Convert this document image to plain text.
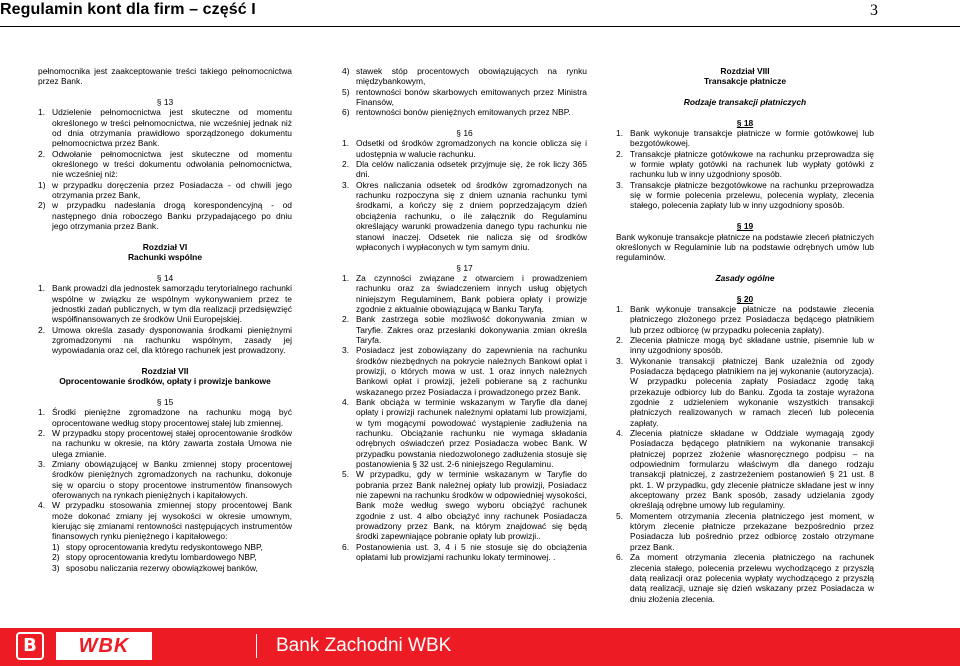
Regulamin kont dla firm – część I	3

pełnomocnika jest zaakceptowanie treści takiego pełnomocnictwa przez Bank.

§ 13

1. Udzielenie pełnomocnictwa jest skuteczne od momentu określonego w treści pełnomocnictwa, nie wcześniej jednak niż od dnia otrzymania prawidłowo sporządzonego dokumentu pełnomocnictwa przez Bank.
2. Odwołanie pełnomocnictwa jest skuteczne od momentu określonego w treści dokumentu odwołania pełnomocnictwa, nie wcześniej niż:
1) w przypadku doręczenia przez Posiadacza - od chwili jego otrzymania przez Bank,
2) w przypadku nadesłania drogą korespondencyjną - od następnego dnia roboczego Banku przypadającego po dniu jego otrzymania przez Bank.

Rozdział VI

Rachunki wspólne

§ 14

1. Bank prowadzi dla jednostek samorządu terytorialnego rachunki wspólne w związku ze wspólnym wykonywaniem przez te jednostki zadań publicznych, w tym dla realizacji przedsięwzięć współfinansowanych ze środków Unii Europejskiej.
2. Umowa określa zasady dysponowania środkami pieniężnymi zgromadzonymi na rachunku wspólnym, zasady jej wypowiadania oraz cel, dla którego rachunek jest prowadzony.

Rozdział VII

Oprocentowanie środków, opłaty i prowizje bankowe

§ 15

1. Środki pieniężne zgromadzone na rachunku mogą być oprocentowane według stopy procentowej stałej lub zmiennej.
2. W przypadku stopy procentowej stałej oprocentowanie środków na rachunku w okresie, na który zawarta została Umowa nie ulega zmianie.
3. Zmiany obowiązującej w Banku zmiennej stopy procentowej środków pieniężnych zgromadzonych na rachunku, dokonuje się w oparciu o stopy procentowe instrumentów finansowych oferowanych na rynkach pieniężnych i kapitałowych.
4. W przypadku stosowania zmiennej stopy procentowej Bank może dokonać zmiany jej wysokości w okresie umownym, kierując się zmianami rentowności następujących instrumentów finansowych rynku pieniężnego i kapitałowego:
1) stopy oprocentowania kredytu redyskontowego NBP,
2) stopy oprocentowania kredytu lombardowego NBP,
3) sposobu naliczania rezerwy obowiązkowej banków,
4) stawek stóp procentowych obowiązujących na rynku międzybankowym,
5) rentowności bonów skarbowych emitowanych przez Ministra Finansów,
6) rentowności bonów pieniężnych emitowanych przez NBP.

§ 16

1. Odsetki od środków zgromadzonych na koncie oblicza się i udostępnia w walucie rachunku.
2. Dla celów naliczania odsetek przyjmuje się, że rok liczy 365 dni.
3. Okres naliczania odsetek od środków zgromadzonych na rachunku rozpoczyna się z dniem uznania rachunku tymi środkami, a kończy się z dniem poprzedzającym dzień obciążenia rachunku, o ile załącznik do Regulaminu określający warunki prowadzenia danego typu rachunku nie stanowi inaczej. Odsetek nie nalicza się od środków wpłaconych i wypłaconych w tym samym dniu.

§ 17

1. Za czynności związane z otwarciem i prowadzeniem rachunku oraz za świadczeniem innych usług objętych niniejszym Regulaminem, Bank pobiera opłaty i prowizje zgodnie z aktualnie obowiązującą w Banku Taryfą.
2. Bank zastrzega sobie możliwość dokonywania zmian w Taryfie. Zakres oraz przesłanki dokonywania zmian określa Taryfa.
3. Posiadacz jest zobowiązany do zapewnienia na rachunku środków niezbędnych na pokrycie należnych Bankowi opłat i prowizji, o których mowa w ust. 1 oraz innych należnych Bankowi opłat i prowizji, jeżeli pobierane są z rachunku wskazanego przez Posiadacza i prowadzonego przez Bank.
4. Bank obciąża w terminie wskazanym w Taryfie dla danej opłaty i prowizji rachunek należnymi opłatami lub prowizjami, w tym mogącymi powodować wystąpienie zadłużenia na rachunku. Obciążanie rachunku nie wymaga składania odrębnych oświadczeń przez Posiadacza wobec Bank. W przypadku powstania niedozwolonego zadłużenia stosuje się postanowienia § 32 ust. 2-6 niniejszego Regulaminu.
5. W przypadku, gdy w terminie wskazanym w Taryfie do pobrania przez Bank należnej opłaty lub prowizji, Posiadacz nie zapewni na rachunku środków w odpowiedniej wysokości, Bank może według swego wyboru obciążyć rachunek zgodnie z ust. 4 albo obciążyć inny rachunek Posiadacza prowadzony przez Bank, na którym znajdować się będą środki zapewniające pobranie opłaty lub prowizji..
6. Postanowienia ust. 3, 4 i 5 nie stosuje się do obciążenia opłatami lub prowizjami rachunku lokaty terminowej. .

Rozdział VIII

Transakcje płatnicze

Rodzaje transakcji płatniczych

§ 18

1. Bank wykonuje transakcje płatnicze w formie gotówkowej lub bezgotówkowej.
2. Transakcje płatnicze gotówkowe na rachunku przeprowadza się w formie wpłaty gotówki na rachunek lub wypłaty gotówki z rachunku lub w inny uzgodniony sposób.
3. Transakcje płatnicze bezgotówkowe na rachunku przeprowadza się w formie polecenia przelewu, polecenia wypłaty, zlecenia stałego, polecenia zapłaty lub w inny uzgodniony sposób.

§ 19

Bank wykonuje transakcje płatnicze na podstawie zleceń płatniczych określonych w Regulaminie lub na podstawie odrębnych umów lub regulaminów.

Zasady ogólne

§ 20

1. Bank wykonuje transakcje płatnicze na podstawie zlecenia płatniczego złożonego przez Posiadacza będącego płatnikiem lub przez odbiorcę (w przypadku polecenia zapłaty).
2. Zlecenia płatnicze mogą być składane ustnie, pisemnie lub w inny uzgodniony sposób.
3. Wykonanie transakcji płatniczej Bank uzależnia od zgody Posiadacza będącego płatnikiem na jej wykonanie (autoryzacja). W przypadku polecenia zapłaty Posiadacz zgodę taką przekazuje odbiorcy lub do Banku. Zgoda ta zostaje wyrażona zgodnie z udzieleniem wykonanie wszystkich transakcji płatniczych realizowanych w ramach zleceń lub polecenia zapłaty.
4. Zlecenia płatnicze składane w Oddziale wymagają zgody Posiadacza będącego płatnikiem na wykonanie transakcji płatniczej poprzez złożenie własnoręcznego podpisu – na odpowiednim formularzu właściwym dla danego rodzaju transakcji płatniczej, z zastrzeżeniem postanowień § 21 ust. 8 pkt. 1. W przypadku, gdy zlecenie płatnicze składane jest w inny akceptowany przez Bank sposób, zasady udzielania zgody określają odrębne umowy lub regulaminy.
5. Momentem otrzymania zlecenia płatniczego jest moment, w którym zlecenie płatnicze przekazane bezpośrednio przez Posiadacza lub pośrednio przez odbiorcę zostało otrzymane przez Bank.
6. Za moment otrzymania zlecenia płatniczego na rachunek zlecenia stałego, polecenia przelewu wychodzącego z przyszłą datą realizacji oraz polecenia wypłaty wychodzącego z przyszłą datą realizacji, uznaje się dzień wskazany przez Posiadacza w dniu złożenia zlecenia.
B	WBK	Bank Zachodni WBK
